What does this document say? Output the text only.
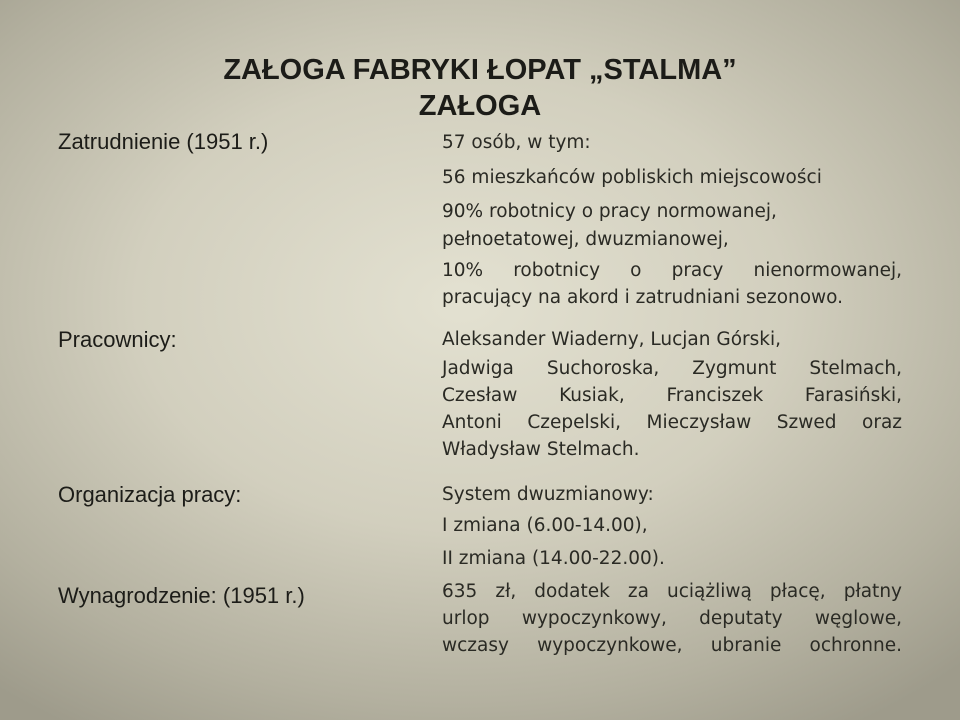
ZAŁOGA FABRYKI ŁOPAT „STALMA”
ZAŁOGA

Zatrudnienie (1951 r.)

Pracownicy:

Organizacja pracy:

Wynagrodzenie: (1951 r.)

57 osób, w tym:

56 mieszkańców pobliskich miejscowości

90% robotnicy o pracy normowanej,

pełnoetatowej, dwuzmianowej,

10% robotnicy o pracy nienormowanej,

pracujący na akord i zatrudniani sezonowo.

Aleksander Wiaderny, Lucjan Górski,

Jadwiga Suchoroska, Zygmunt Stelmach,

Czesław Kusiak, Franciszek Farasiński,

Antoni Czepelski, Mieczysław Szwed oraz

Władysław Stelmach.

System dwuzmianowy:

I zmiana (6.00-14.00),

II zmiana (14.00-22.00).

635 zł, dodatek za uciążliwą płacę, płatny

urlop wypoczynkowy, deputaty węglowe,

wczasy wypoczynkowe, ubranie ochronne.
